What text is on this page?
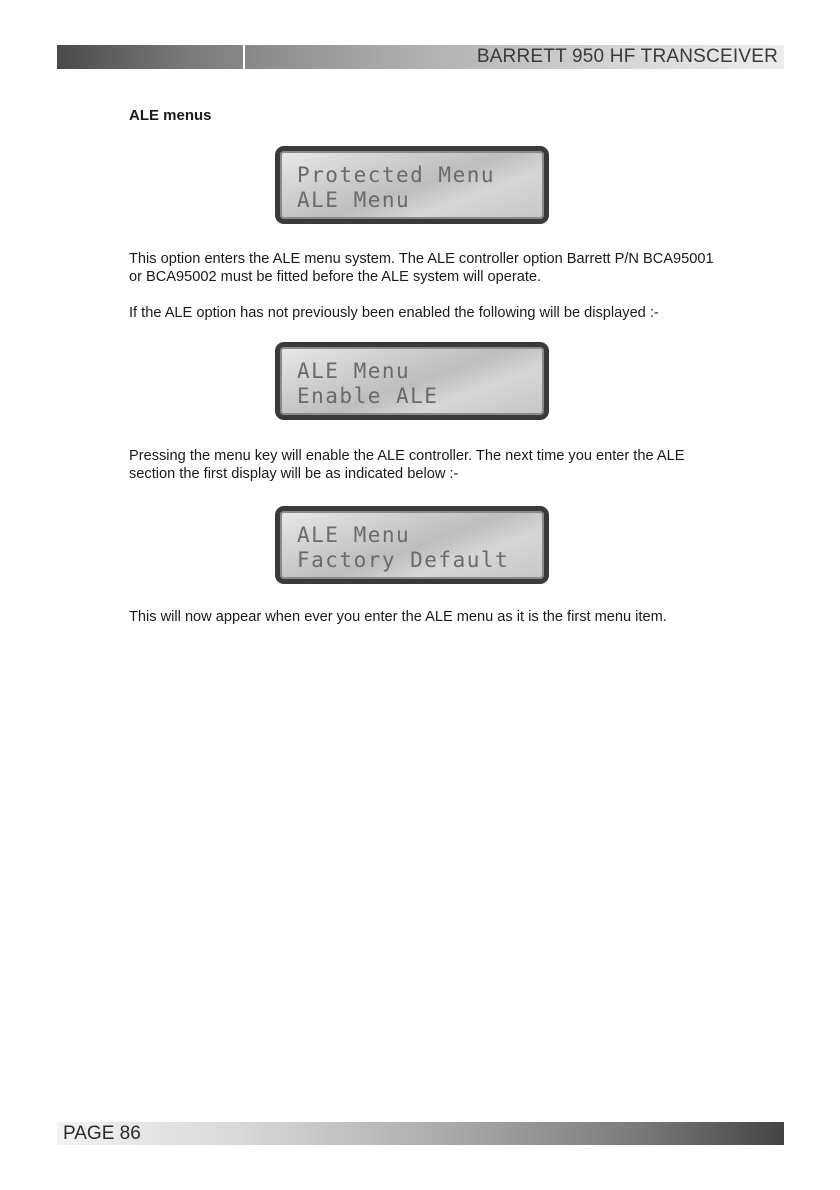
BARRETT 950 HF TRANSCEIVER
ALE menus
Protected Menu
ALE Menu

This option enters the ALE menu system. The ALE controller option Barrett P/N BCA95001
or BCA95002 must be fitted before the ALE system will operate.

If the ALE option has not previously been enabled the following will be displayed :-

ALE Menu
Enable ALE

Pressing the menu key will enable the ALE controller. The next time you enter the ALE
section the first display will be as indicated below :-

ALE Menu
Factory Default

This will now appear when ever you enter the ALE menu as it is the first menu item.

PAGE 86
